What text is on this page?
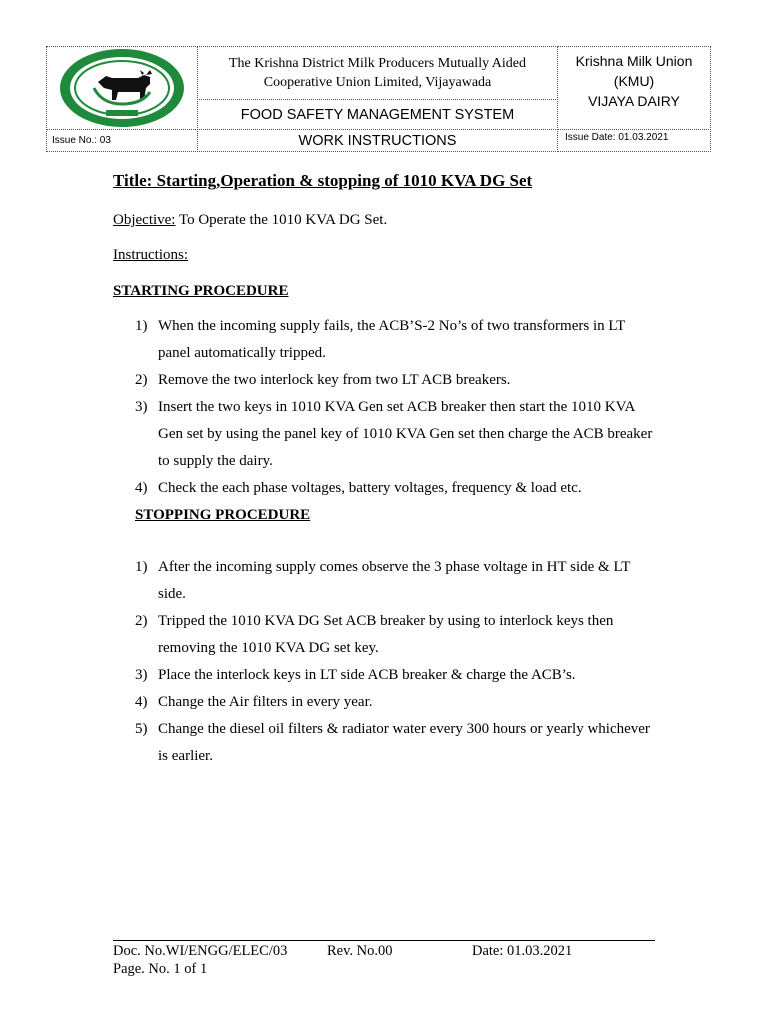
The Krishna District Milk Producers Mutually Aided
Cooperative Union Limited, Vijayawada
Krishna Milk Union
(KMU)
VIJAYA DAIRY
FOOD SAFETY MANAGEMENT SYSTEM
Issue No.: 03	WORK INSTRUCTIONS	Issue Date: 01.03.2021
Title: Starting,Operation & stopping of 1010 KVA DG Set
Objective: To Operate the 1010 KVA DG Set.
Instructions:
STARTING PROCEDURE
1) When the incoming supply fails, the ACB’S-2 No’s of two transformers in LT panel automatically tripped.
2) Remove the two interlock key from two LT ACB breakers.
3) Insert the two keys in 1010 KVA Gen set ACB breaker then start the 1010 KVA Gen set by using the panel key of 1010 KVA Gen set then charge the ACB breaker to supply the dairy.
4) Check the each phase voltages, battery voltages, frequency & load etc.
STOPPING PROCEDURE
1) After the incoming supply comes observe the 3 phase voltage in HT side & LT side.
2) Tripped the 1010 KVA DG Set ACB breaker by using to interlock keys then removing the 1010 KVA DG set key.
3) Place the interlock keys in LT side ACB breaker & charge the ACB’s.
4) Change the Air filters in every year.
5) Change the diesel oil filters & radiator water every 300 hours or yearly whichever is earlier.
Doc. No.WI/ENGG/ELEC/03	Rev. No.00	Date: 01.03.2021
Page. No. 1 of 1
